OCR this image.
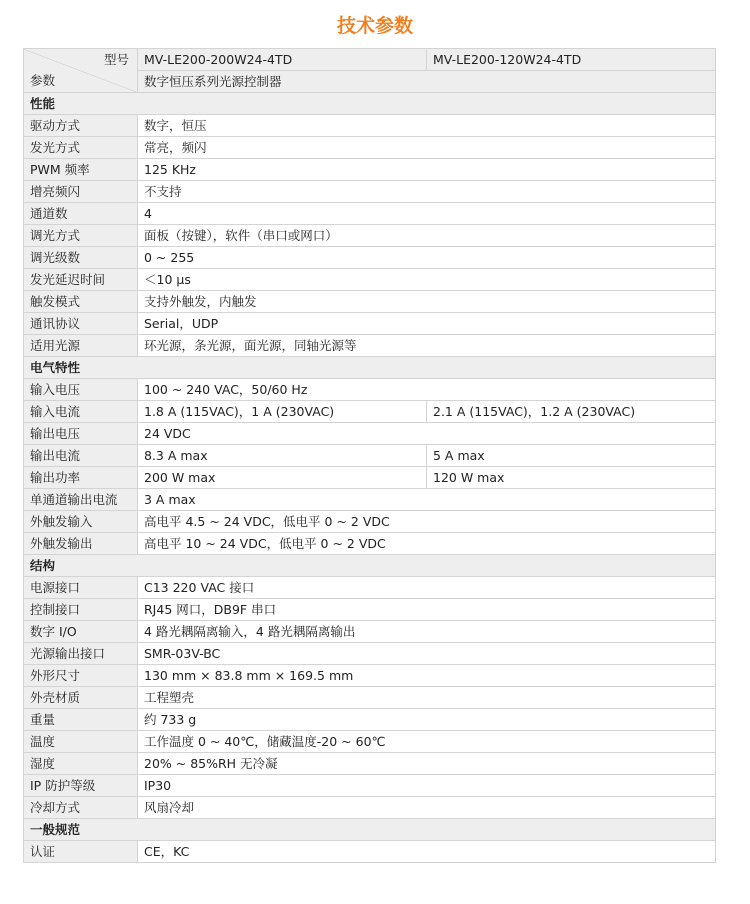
技术参数
型号
参数	MV-LE200-200W24-4TD	MV-LE200-120W24-4TD
	数字恒压系列光源控制器	
性能		
驱动方式	数字，恒压	
发光方式	常亮，频闪	
PWM 频率	125 KHz	
增亮频闪	不支持	
通道数	4	
调光方式	面板（按键），软件（串口或网口）	
调光级数	0 ~ 255	
发光延迟时间	＜10 μs	
触发模式	支持外触发，内触发	
通讯协议	Serial，UDP	
适用光源	环光源，条光源，面光源，同轴光源等	
电气特性		
输入电压	100 ~ 240 VAC，50/60 Hz	
输入电流	1.8 A (115VAC)，1 A (230VAC)	2.1 A (115VAC)，1.2 A (230VAC)
输出电压	24 VDC	
输出电流	8.3 A max	5 A max
输出功率	200 W max	120 W max
单通道输出电流	3 A max	
外触发输入	高电平 4.5 ~ 24 VDC，低电平 0 ~ 2 VDC	
外触发输出	高电平 10 ~ 24 VDC，低电平 0 ~ 2 VDC	
结构		
电源接口	C13 220 VAC 接口	
控制接口	RJ45 网口，DB9F 串口	
数字 I/O	4 路光耦隔离输入，4 路光耦隔离输出	
光源输出接口	SMR-03V-BC	
外形尺寸	130 mm × 83.8 mm × 169.5 mm	
外壳材质	工程塑壳	
重量	约 733 g	
温度	工作温度 0 ~ 40℃，储藏温度-20 ~ 60℃	
湿度	20% ~ 85%RH 无冷凝	
IP 防护等级	IP30	
冷却方式	风扇冷却	
一般规范		
认证	CE，KC	
